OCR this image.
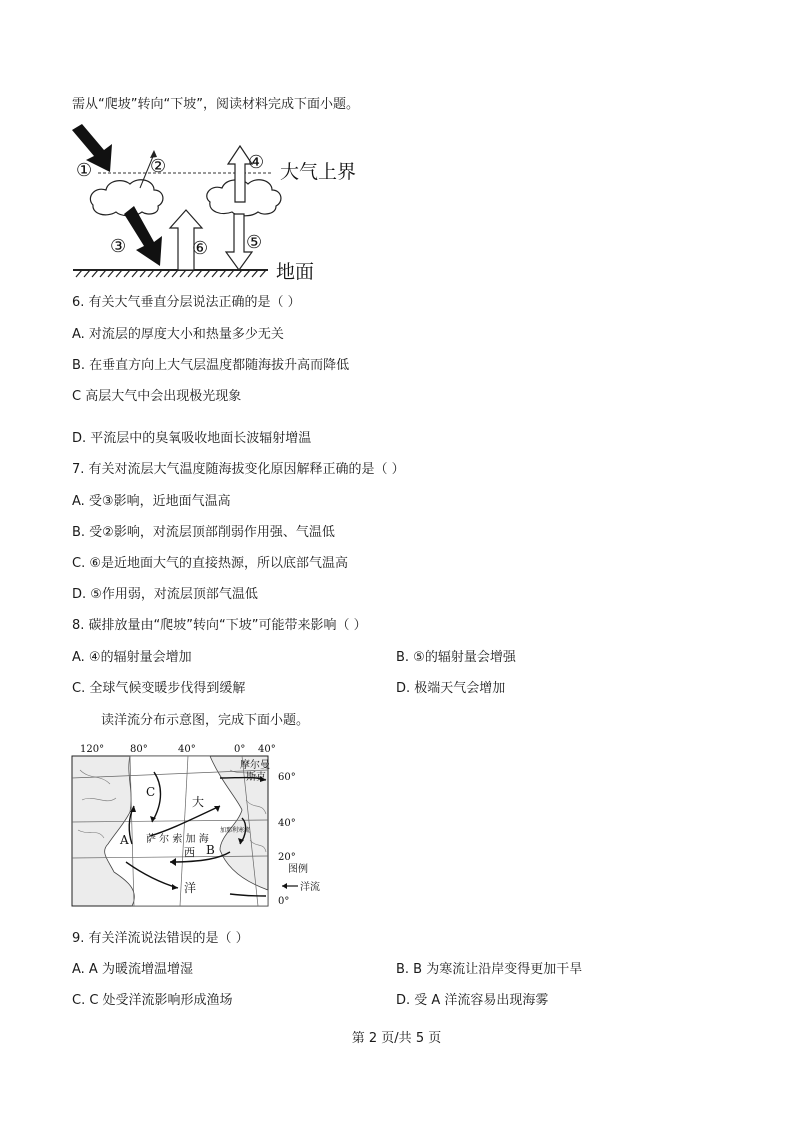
需从“爬坡”转向“下坡”，阅读材料完成下面小题。
①	②
③
④
⑤
⑥
大气上界
地面
6. 有关大气垂直分层说法正确的是（ ）
A. 对流层的厚度大小和热量多少无关
B. 在垂直方向上大气层温度都随海拔升高而降低
C 高层大气中会出现极光现象
D. 平流层中的臭氧吸收地面长波辐射增温
7. 有关对流层大气温度随海拔变化原因解释正确的是（ ）
A. 受③影响，近地面气温高
B. 受②影响，对流层顶部削弱作用强、气温低
C. ⑥是近地面大气的直接热源，所以底部气温高
D. ⑤作用弱，对流层顶部气温低
8. 碳排放量由“爬坡”转向“下坡”可能带来影响（ ）
A. ④的辐射量会增加	B. ⑤的辐射量会增强
C. 全球气候变暖步伐得到缓解	D. 极端天气会增加
读洋流分布示意图，完成下面小题。
120°	80°	40°	0° 40°
60°
40°
20°
0°
摩尔曼
斯克
大
萨 尔 索 加 海
西
洋
加那利寒流
A
B
C
图例
洋流
9. 有关洋流说法错误的是（ ）
A. A 为暖流增温增湿	B. B 为寒流让沿岸变得更加干旱
C. C 处受洋流影响形成渔场	D. 受 A 洋流容易出现海雾
第 2 页/共 5 页
